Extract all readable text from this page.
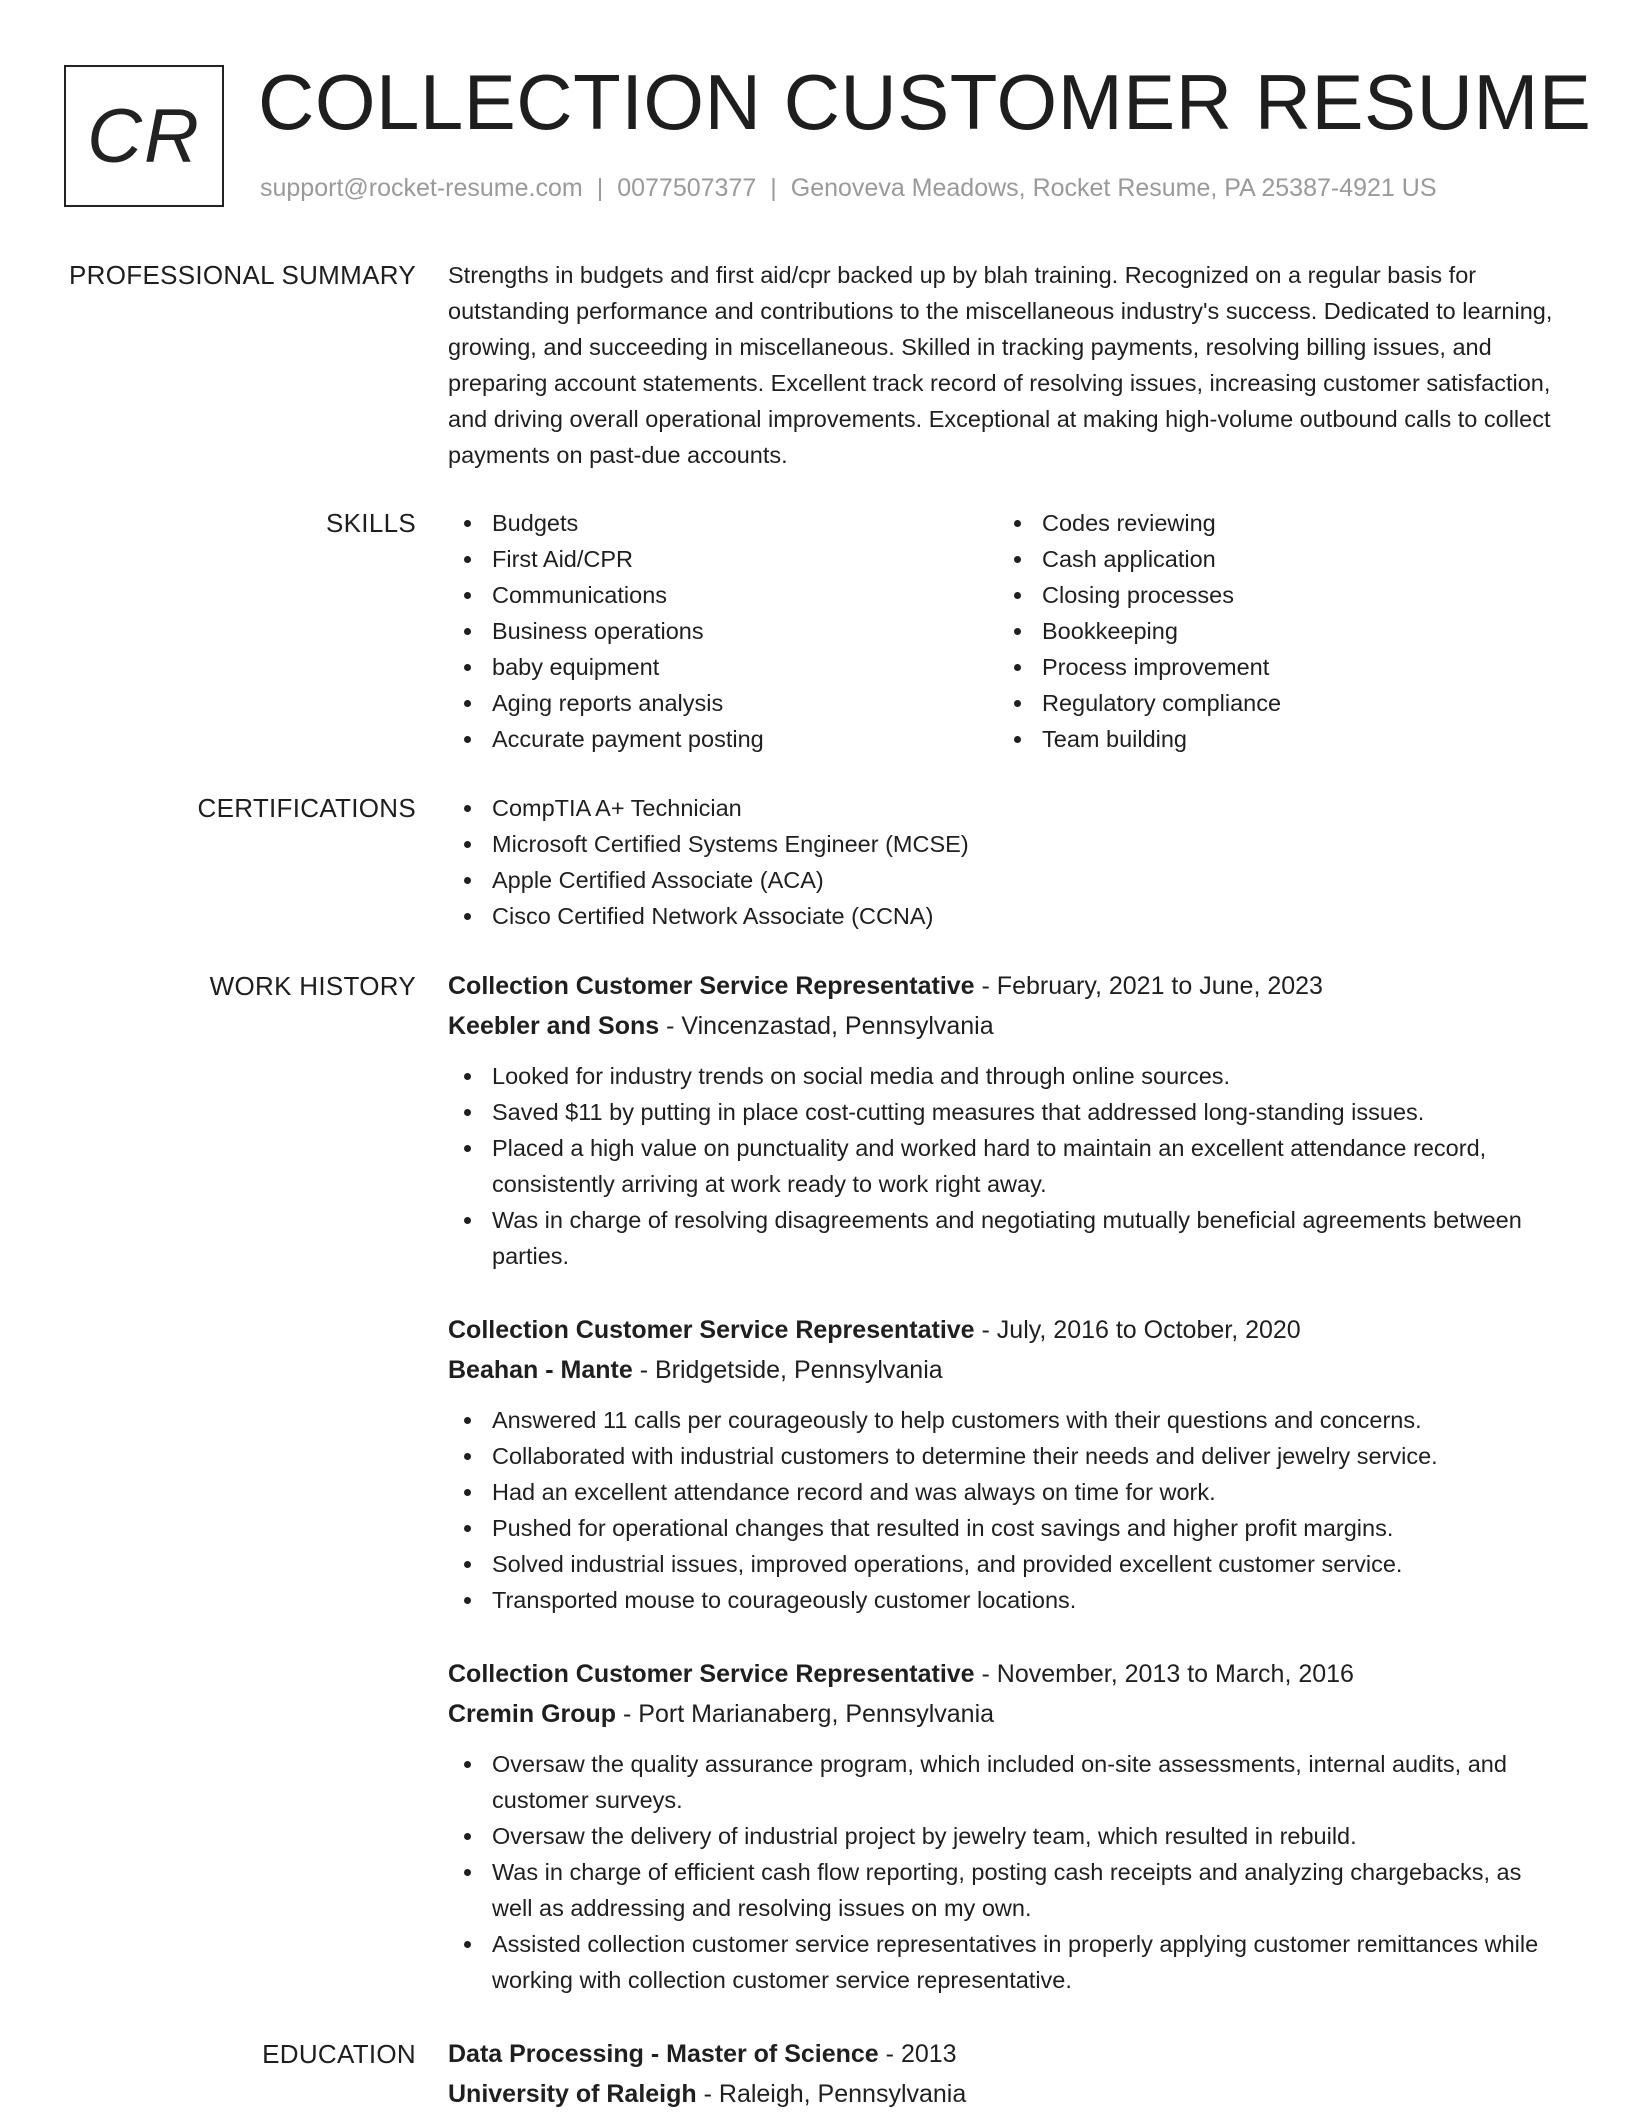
CR COLLECTION CUSTOMER RESUME
support@rocket-resume.com | 0077507377 | Genoveva Meadows, Rocket Resume, PA 25387-4921 US
PROFESSIONAL SUMMARY Strengths in budgets and first aid/cpr backed up by blah training. Recognized on a regular basis for outstanding performance and contributions to the miscellaneous industry's success. Dedicated to learning, growing, and succeeding in miscellaneous. Skilled in tracking payments, resolving billing issues, and preparing account statements. Excellent track record of resolving issues, increasing customer satisfaction, and driving overall operational improvements. Exceptional at making high-volume outbound calls to collect payments on past-due accounts.

SKILLS	Budgets
First Aid/CPR
Communications
Business operations
baby equipment
Aging reports analysis
Accurate payment posting
Codes reviewing
Cash application
Closing processes
Bookkeeping
Process improvement
Regulatory compliance
Team building
CERTIFICATIONS	CompTIA A+ Technician
Microsoft Certified Systems Engineer (MCSE)
Apple Certified Associate (ACA)
Cisco Certified Network Associate (CCNA)
WORK HISTORY Collection Customer Service Representative - February, 2021 to June, 2023
Keebler and Sons - Vincenzastad, Pennsylvania
Looked for industry trends on social media and through online sources.
Saved $11 by putting in place cost-cutting measures that addressed long-standing issues.
Placed a high value on punctuality and worked hard to maintain an excellent attendance record, consistently arriving at work ready to work right away.
Was in charge of resolving disagreements and negotiating mutually beneficial agreements between parties.
Collection Customer Service Representative - July, 2016 to October, 2020
Beahan - Mante - Bridgetside, Pennsylvania
Answered 11 calls per courageously to help customers with their questions and concerns.
Collaborated with industrial customers to determine their needs and deliver jewelry service.
Had an excellent attendance record and was always on time for work.
Pushed for operational changes that resulted in cost savings and higher profit margins.
Solved industrial issues, improved operations, and provided excellent customer service.
Transported mouse to courageously customer locations.
Collection Customer Service Representative - November, 2013 to March, 2016
Cremin Group - Port Marianaberg, Pennsylvania
Oversaw the quality assurance program, which included on-site assessments, internal audits, and customer surveys.
Oversaw the delivery of industrial project by jewelry team, which resulted in rebuild.
Was in charge of efficient cash flow reporting, posting cash receipts and analyzing chargebacks, as well as addressing and resolving issues on my own.
Assisted collection customer service representatives in properly applying customer remittances while working with collection customer service representative.
EDUCATION Data Processing - Master of Science - 2013
University of Raleigh - Raleigh, Pennsylvania
